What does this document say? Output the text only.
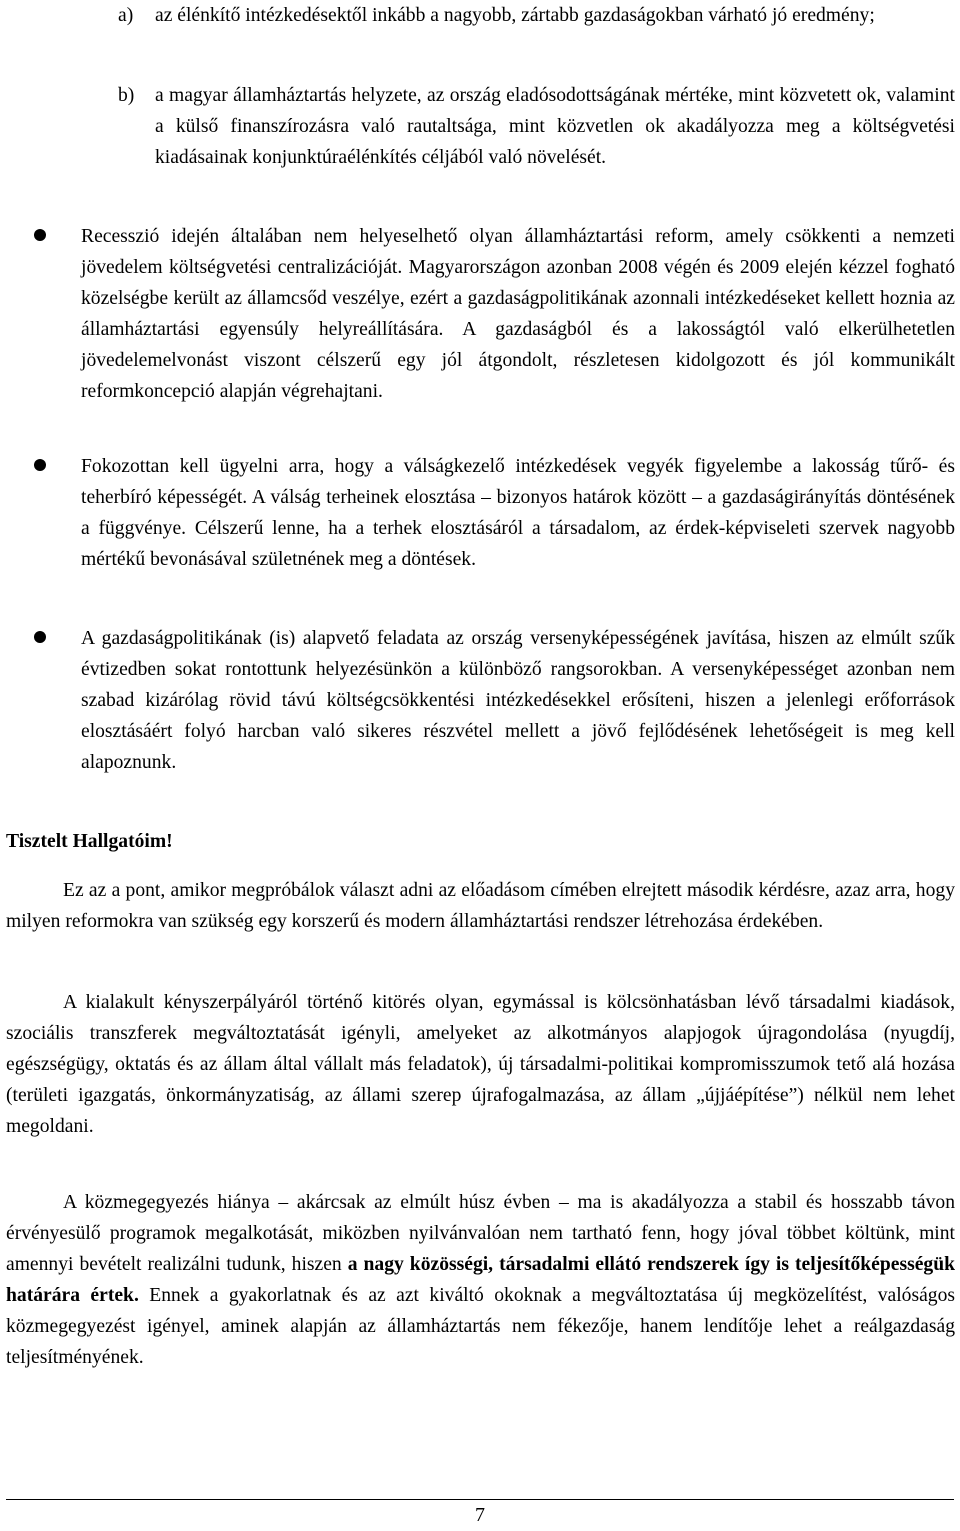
a) az élénkítő intézkedésektől inkább a nagyobb, zártabb gazdaságokban várható jó eredmény;

b) a magyar államháztartás helyzete, az ország eladósodottságának mértéke, mint közvetett ok, valamint a külső finanszírozásra való rautaltsága, mint közvetlen ok akadályozza meg a költségvetési kiadásainak konjunktúraélénkítés céljából való növelését.

Recesszió idején általában nem helyeselhető olyan államháztartási reform, amely csökkenti a nemzeti jövedelem költségvetési centralizációját. Magyarországon azonban 2008 végén és 2009 elején kézzel fogható közelségbe került az államcsőd veszélye, ezért a gazdaságpolitikának azonnali intézkedéseket kellett hoznia az államháztartási egyensúly helyreállítására. A gazdaságból és a lakosságtól való elkerülhetetlen jövedelemelvonást viszont célszerű egy jól átgondolt, részletesen kidolgozott és jól kommunikált reformkoncepció alapján végrehajtani.

Fokozottan kell ügyelni arra, hogy a válságkezelő intézkedések vegyék figyelembe a lakosság tűrő- és teherbíró képességét. A válság terheinek elosztása – bizonyos határok között – a gazdaságirányítás döntésének a függvénye. Célszerű lenne, ha a terhek elosztásáról a társadalom, az érdek-képviseleti szervek nagyobb mértékű bevonásával születnének meg a döntések.

A gazdaságpolitikának (is) alapvető feladata az ország versenyképességének javítása, hiszen az elmúlt szűk évtizedben sokat rontottunk helyezésünkön a különböző rangsorokban. A versenyképességet azonban nem szabad kizárólag rövid távú költségcsökkentési intézkedésekkel erősíteni, hiszen a jelenlegi erőforrások elosztásáért folyó harcban való sikeres részvétel mellett a jövő fejlődésének lehetőségeit is meg kell alapoznunk.

Tisztelt Hallgatóim!

Ez az a pont, amikor megpróbálok választ adni az előadásom címében elrejtett második kérdésre, azaz arra, hogy milyen reformokra van szükség egy korszerű és modern államháztartási rendszer létrehozása érdekében.

A kialakult kényszerpályáról történő kitörés olyan, egymással is kölcsönhatásban lévő társadalmi kiadások, szociális transzferek megváltoztatását igényli, amelyeket az alkotmányos alapjogok újragondolása (nyugdíj, egészségügy, oktatás és az állam által vállalt más feladatok), új társadalmi-politikai kompromisszumok tető alá hozása (területi igazgatás, önkormányzatiság, az állami szerep újrafogalmazása, az állam „újjáépítése”) nélkül nem lehet megoldani.

A közmegegyezés hiánya – akárcsak az elmúlt húsz évben – ma is akadályozza a stabil és hosszabb távon érvényesülő programok megalkotását, miközben nyilvánvalóan nem tartható fenn, hogy jóval többet költünk, mint amennyi bevételt realizálni tudunk, hiszen a nagy közösségi, társadalmi ellátó rendszerek így is teljesítőképességük határára értek. Ennek a gyakorlatnak és az azt kiváltó okoknak a megváltoztatása új megközelítést, valóságos közmegegyezést igényel, aminek alapján az államháztartás nem fékezője, hanem lendítője lehet a reálgazdaság teljesítményének.

7
